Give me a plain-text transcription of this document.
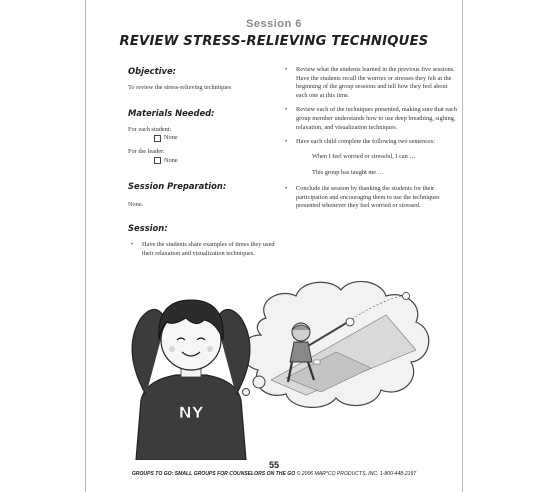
Session 6
REVIEW STRESS-RELIEVING TECHNIQUES

Objective:

To review the stress-relieving techniques

Materials Needed:

For each student:

None

For the leader:

None

Session Preparation:

None.

Session:

• Have the students share examples of times they used their relaxation and visualization techniques.

• Review what the students learned in the previous five sessions. Have the students recall the worries or stresses they felt at the beginning of the group sessions and tell how they feel about each one at this time.

• Review each of the techniques presented, making sure that each group member understands how to use deep breathing, sighing, relaxation, and visualization techniques.

• Have each child complete the following two sentences:

When I feel worried or stressful, I can …

This group has taught me …

• Conclude the session by thanking the students for their participation and encouraging them to use the techniques presented whenever they feel worried or stressed.

NY
55
GROUPS TO GO: SMALL GROUPS FOR COUNSELORS ON THE GO © 2006 MAR*CO PRODUCTS, INC. 1-800-448-2197
